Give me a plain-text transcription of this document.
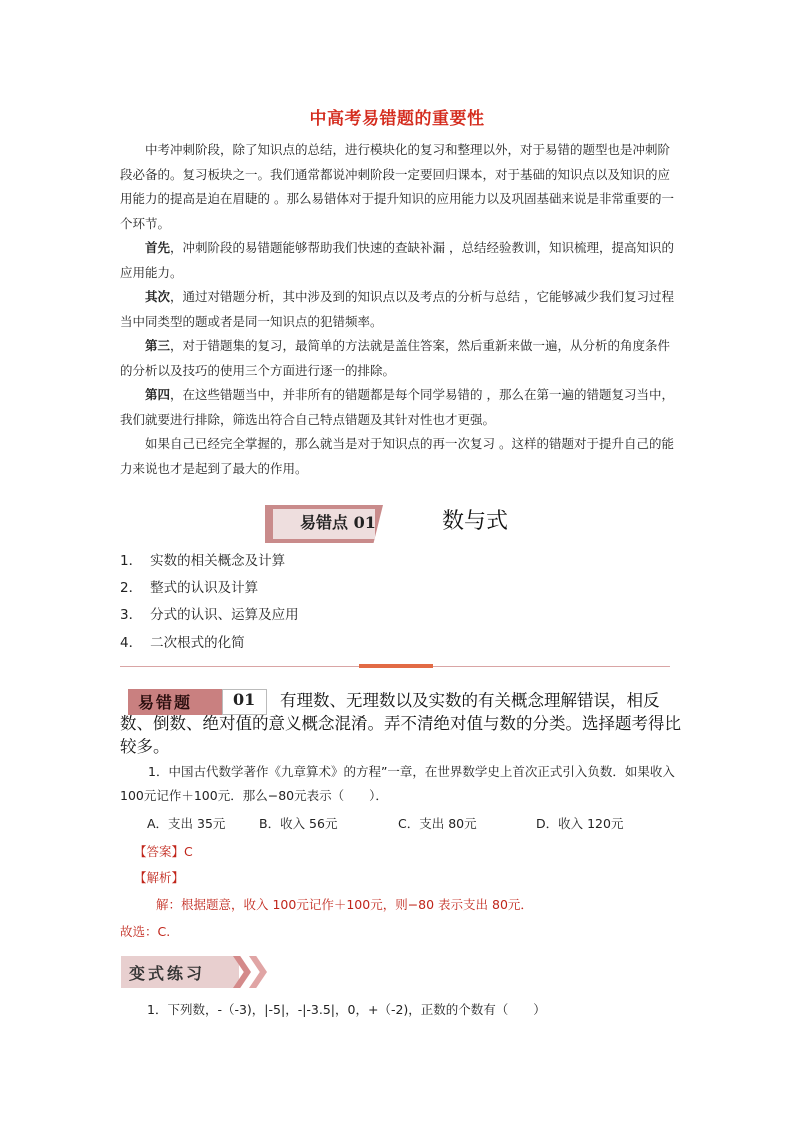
中高考易错题的重要性

中考冲刺阶段，除了知识点的总结，进行模块化的复习和整理以外，对于易错的题型也是冲刺阶段必备的。复习板块之一。我们通常都说冲刺阶段一定要回归课本，对于基础的知识点以及知识的应用能力的提高是迫在眉睫的 。那么易错体对于提升知识的应用能力以及巩固基础来说是非常重要的一个环节。

首先，冲刺阶段的易错题能够帮助我们快速的查缺补漏 ，总结经验教训，知识梳理，提高知识的应用能力。

其次，通过对错题分析，其中涉及到的知识点以及考点的分析与总结 ，它能够减少我们复习过程当中同类型的题或者是同一知识点的犯错频率。

第三，对于错题集的复习，最简单的方法就是盖住答案，然后重新来做一遍，从分析的角度条件的分析以及技巧的使用三个方面进行逐一的排除。

第四，在这些错题当中，并非所有的错题都是每个同学易错的 ，那么在第一遍的错题复习当中，我们就要进行排除，筛选出符合自己特点错题及其针对性也才更强。

如果自己已经完全掌握的，那么就当是对于知识点的再一次复习 。这样的错题对于提升自己的能力来说也才是起到了最大的作用。

易错点 01	数与式
1． 实数的相关概念及计算
2． 整式的认识及计算
3． 分式的认识、运算及应用
4． 二次根式的化简
易错题	01	有理数、无理数以及实数的有关概念理解错误，相反数、倒数、绝对值的意义概念混淆。弄不清绝对值与数的分类。选择题考得比较多。
1．中国古代数学著作《九章算术》的方程”一章，在世界数学史上首次正式引入负数．如果收入 100元记作＋100元．那么−80元表示（　　）．
A．支出 35元	B．收入 56元	C．支出 80元	D．收入 120元
【答案】C
【解析】
解：根据题意，收入 100元记作＋100元，则−80 表示支出 80元．
故选：C.
变式练习
1．下列数，-（-3)，|-5|，-|-3.5|，0，+（-2)，正数的个数有（　　）
